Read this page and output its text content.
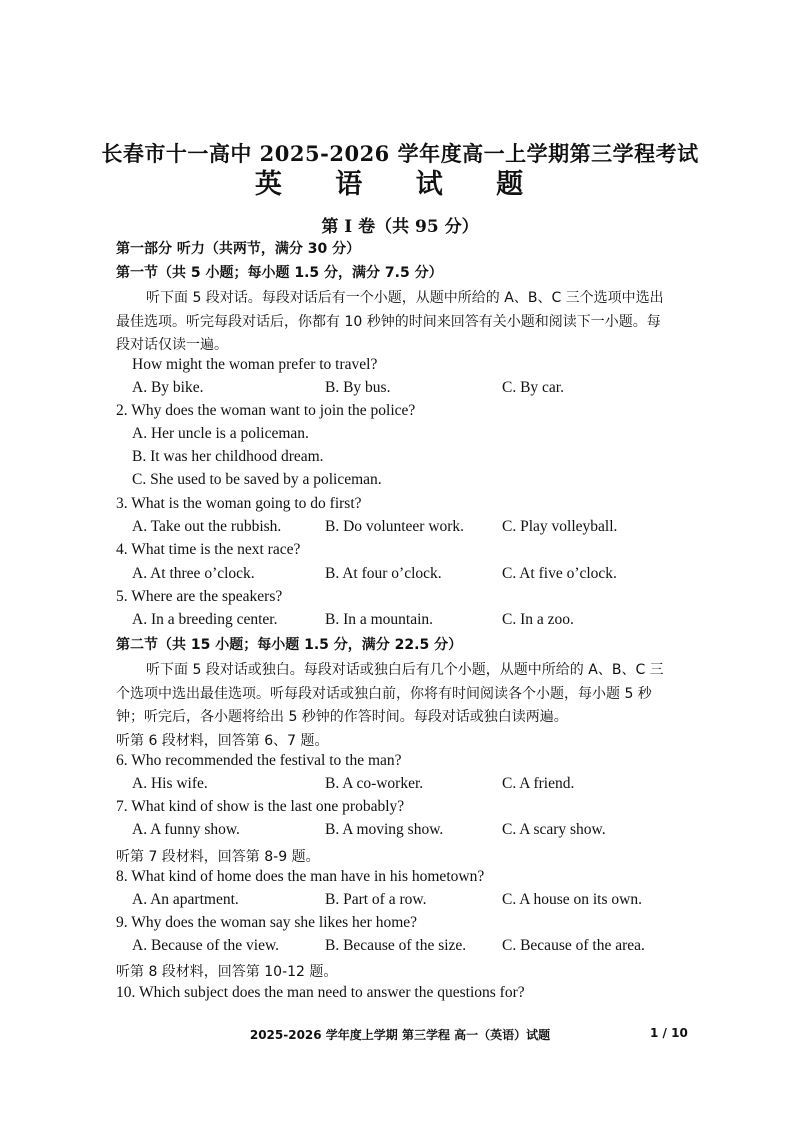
长春市十一高中 2025-2026 学年度高一上学期第三学程考试
英 语 试 题
第 I 卷（共 95 分）
第一部分 听力（共两节，满分 30 分）
第一节（共 5 小题；每小题 1.5 分，满分 7.5 分）
听下面 5 段对话。每段对话后有一个小题，从题中所给的 A、B、C 三个选项中选出
最佳选项。听完每段对话后，你都有 10 秒钟的时间来回答有关小题和阅读下一小题。每
段对话仅读一遍。
How might the woman prefer to travel?
A. By bike.	B. By bus.	C. By car.
2. Why does the woman want to join the police?
A. Her uncle is a policeman.
B. It was her childhood dream.
C. She used to be saved by a policeman.
3. What is the woman going to do first?
A. Take out the rubbish.	B. Do volunteer work. C. Play volleyball.
4. What time is the next race?
A. At three o’clock.	B. At four o’clock.	C. At five o’clock.
5. Where are the speakers?
A. In a breeding center.	B. In a mountain.	C. In a zoo.
第二节（共 15 小题；每小题 1.5 分，满分 22.5 分）
听下面 5 段对话或独白。每段对话或独白后有几个小题，从题中所给的 A、B、C 三
个选项中选出最佳选项。听每段对话或独白前，你将有时间阅读各个小题，每小题 5 秒
钟；听完后，各小题将给出 5 秒钟的作答时间。每段对话或独白读两遍。
听第 6 段材料，回答第 6、7 题。
6. Who recommended the festival to the man?
A. His wife.	B. A co-worker.	C. A friend.
7. What kind of show is the last one probably?
A. A funny show.	B. A moving show.	C. A scary show.
听第 7 段材料，回答第 8-9 题。
8. What kind of home does the man have in his hometown?
A. An apartment.	B. Part of a row.	C. A house on its own.
9. Why does the woman say she likes her home?
A. Because of the view.	B. Because of the size. C. Because of the area.
听第 8 段材料，回答第 10-12 题。
10. Which subject does the man need to answer the questions for?
2025-2026 学年度上学期 第三学程 高一（英语）试题	1 / 10
